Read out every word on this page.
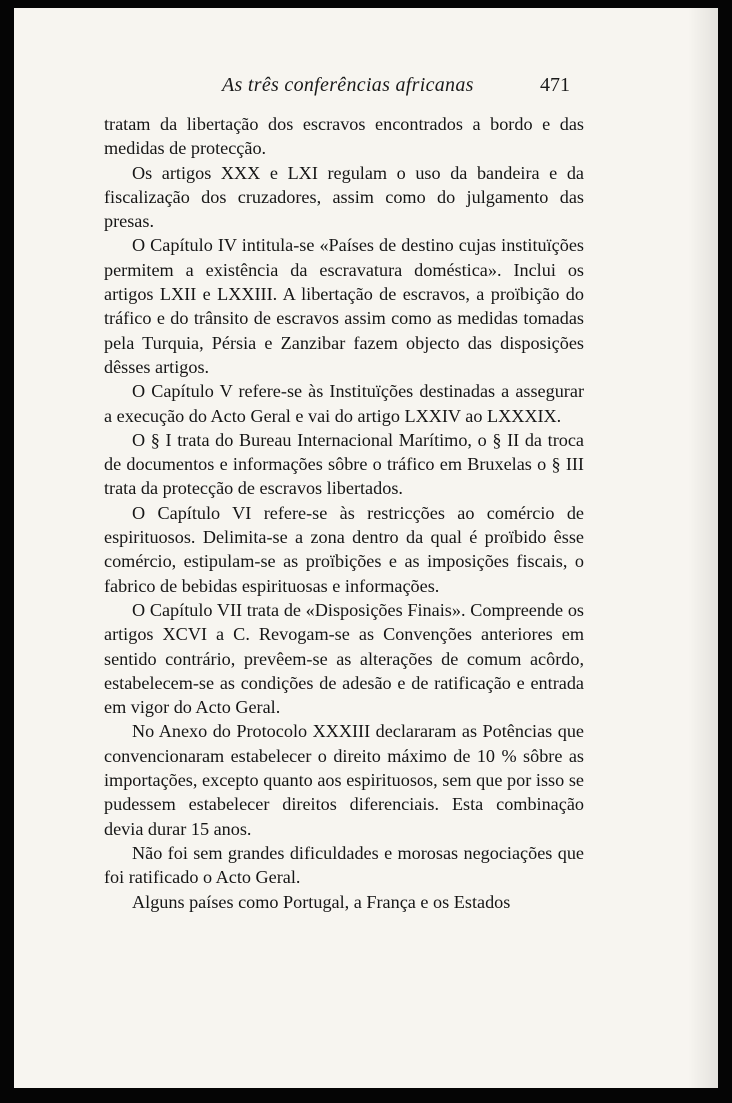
As três conferências africanas	471

tratam da libertação dos escravos encontrados a bordo e das medidas de protecção.

Os artigos XXX e LXI regulam o uso da bandeira e da fiscalização dos cruzadores, assim como do julgamento das presas.

O Capítulo IV intitula-se «Países de destino cujas instituïções permitem a existência da escravatura doméstica». Inclui os artigos LXII e LXXIII. A libertação de escravos, a proïbição do tráfico e do trânsito de escravos assim como as medidas tomadas pela Turquia, Pérsia e Zanzibar fazem objecto das disposições dêsses artigos.

O Capítulo V refere-se às Instituïções destinadas a assegurar a execução do Acto Geral e vai do artigo LXXIV ao LXXXIX.

O § I trata do Bureau Internacional Marítimo, o § II da troca de documentos e informações sôbre o tráfico em Bruxelas o § III trata da protecção de escravos libertados.

O Capítulo VI refere-se às restricções ao comércio de espirituosos. Delimita-se a zona dentro da qual é proïbido êsse comércio, estipulam-se as proïbições e as imposições fiscais, o fabrico de bebidas espirituosas e informações.

O Capítulo VII trata de «Disposições Finais». Compreende os artigos XCVI a C. Revogam-se as Convenções anteriores em sentido contrário, prevêem-se as alterações de comum acôrdo, estabelecem-se as condições de adesão e de ratificação e entrada em vigor do Acto Geral.

No Anexo do Protocolo XXXIII declararam as Potências que convencionaram estabelecer o direito máximo de 10 % sôbre as importações, excepto quanto aos espirituosos, sem que por isso se pudessem estabelecer direitos diferenciais. Esta combinação devia durar 15 anos.

Não foi sem grandes dificuldades e morosas negociações que foi ratificado o Acto Geral.

Alguns países como Portugal, a França e os Estados
